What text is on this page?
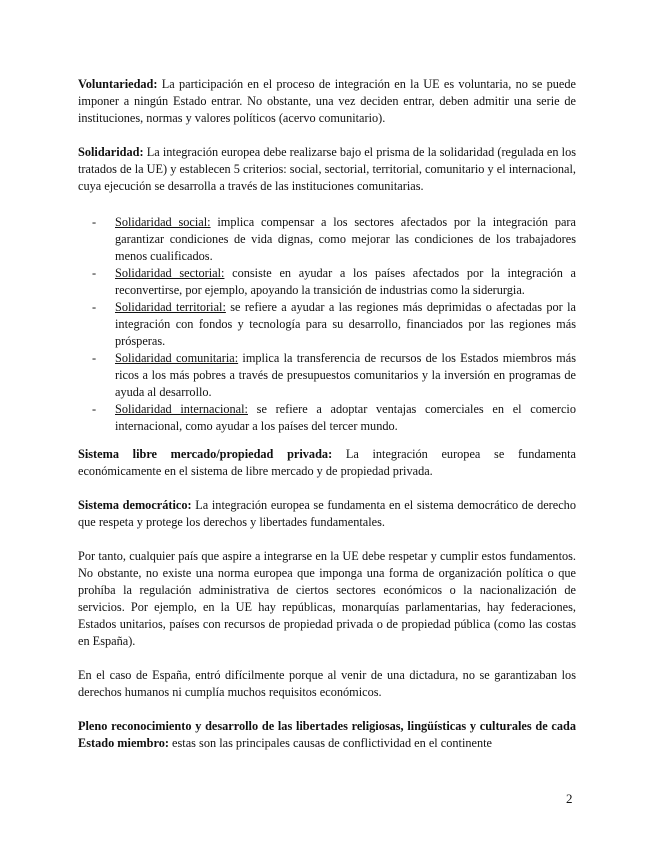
Voluntariedad: La participación en el proceso de integración en la UE es voluntaria, no se puede imponer a ningún Estado entrar. No obstante, una vez deciden entrar, deben admitir una serie de instituciones, normas y valores políticos (acervo comunitario).

Solidaridad: La integración europea debe realizarse bajo el prisma de la solidaridad (regulada en los tratados de la UE) y establecen 5 criterios: social, sectorial, territorial, comunitario y el internacional, cuya ejecución se desarrolla a través de las instituciones comunitarias.

- Solidaridad social: implica compensar a los sectores afectados por la integración para garantizar condiciones de vida dignas, como mejorar las condiciones de los trabajadores menos cualificados.
- Solidaridad sectorial: consiste en ayudar a los países afectados por la integración a reconvertirse, por ejemplo, apoyando la transición de industrias como la siderurgia.
- Solidaridad territorial: se refiere a ayudar a las regiones más deprimidas o afectadas por la integración con fondos y tecnología para su desarrollo, financiados por las regiones más prósperas.
- Solidaridad comunitaria: implica la transferencia de recursos de los Estados miembros más ricos a los más pobres a través de presupuestos comunitarios y la inversión en programas de ayuda al desarrollo.
- Solidaridad internacional: se refiere a adoptar ventajas comerciales en el comercio internacional, como ayudar a los países del tercer mundo.

Sistema libre mercado/propiedad privada: La integración europea se fundamenta económicamente en el sistema de libre mercado y de propiedad privada.

Sistema democrático: La integración europea se fundamenta en el sistema democrático de derecho que respeta y protege los derechos y libertades fundamentales.

Por tanto, cualquier país que aspire a integrarse en la UE debe respetar y cumplir estos fundamentos. No obstante, no existe una norma europea que imponga una forma de organización política o que prohíba la regulación administrativa de ciertos sectores económicos o la nacionalización de servicios. Por ejemplo, en la UE hay repúblicas, monarquías parlamentarias, hay federaciones, Estados unitarios, países con recursos de propiedad privada o de propiedad pública (como las costas en España).

En el caso de España, entró difícilmente porque al venir de una dictadura, no se garantizaban los derechos humanos ni cumplía muchos requisitos económicos.

Pleno reconocimiento y desarrollo de las libertades religiosas, lingüísticas y culturales de cada Estado miembro: estas son las principales causas de conflictividad en el continente

2
